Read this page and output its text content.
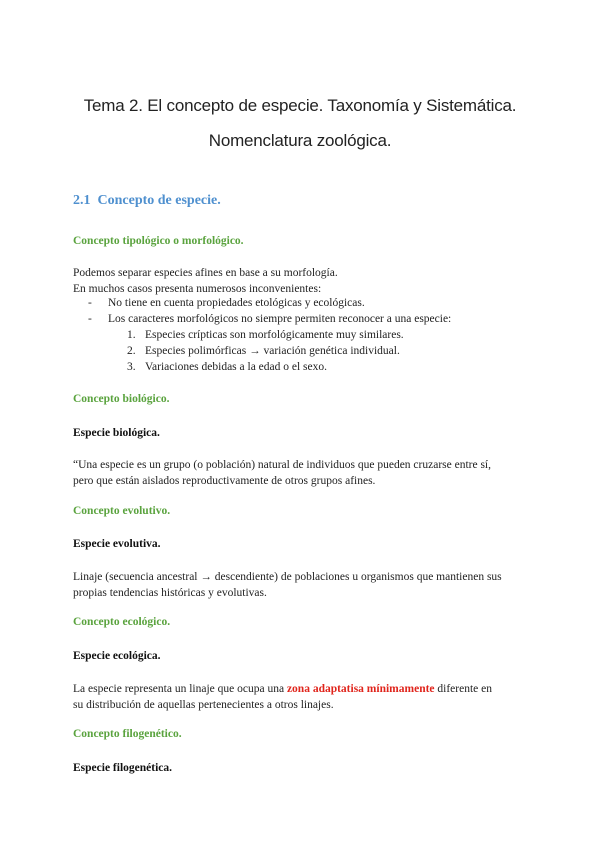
Tema 2. El concepto de especie. Taxonomía y Sistemática.
Nomenclatura zoológica.
2.1 Concepto de especie.
Concepto tipológico o morfológico.
Podemos separar especies afines en base a su morfología.
En muchos casos presenta numerosos inconvenientes:
- No tiene en cuenta propiedades etológicas y ecológicas.
- Los caracteres morfológicos no siempre permiten reconocer a una especie:
1. Especies crípticas son morfológicamente muy similares.
2. Especies polimórficas → variación genética individual.
3. Variaciones debidas a la edad o el sexo.
Concepto biológico.
Especie biológica.
“Una especie es un grupo (o población) natural de individuos que pueden cruzarse entre sí,
pero que están aislados reproductivamente de otros grupos afines.
Concepto evolutivo.
Especie evolutiva.
Linaje (secuencia ancestral → descendiente) de poblaciones u organismos que mantienen sus
propias tendencias históricas y evolutivas.
Concepto ecológico.
Especie ecológica.
La especie representa un linaje que ocupa una zona adaptatisa mínimamente diferente en
su distribución de aquellas pertenecientes a otros linajes.
Concepto filogenético.
Especie filogenética.
